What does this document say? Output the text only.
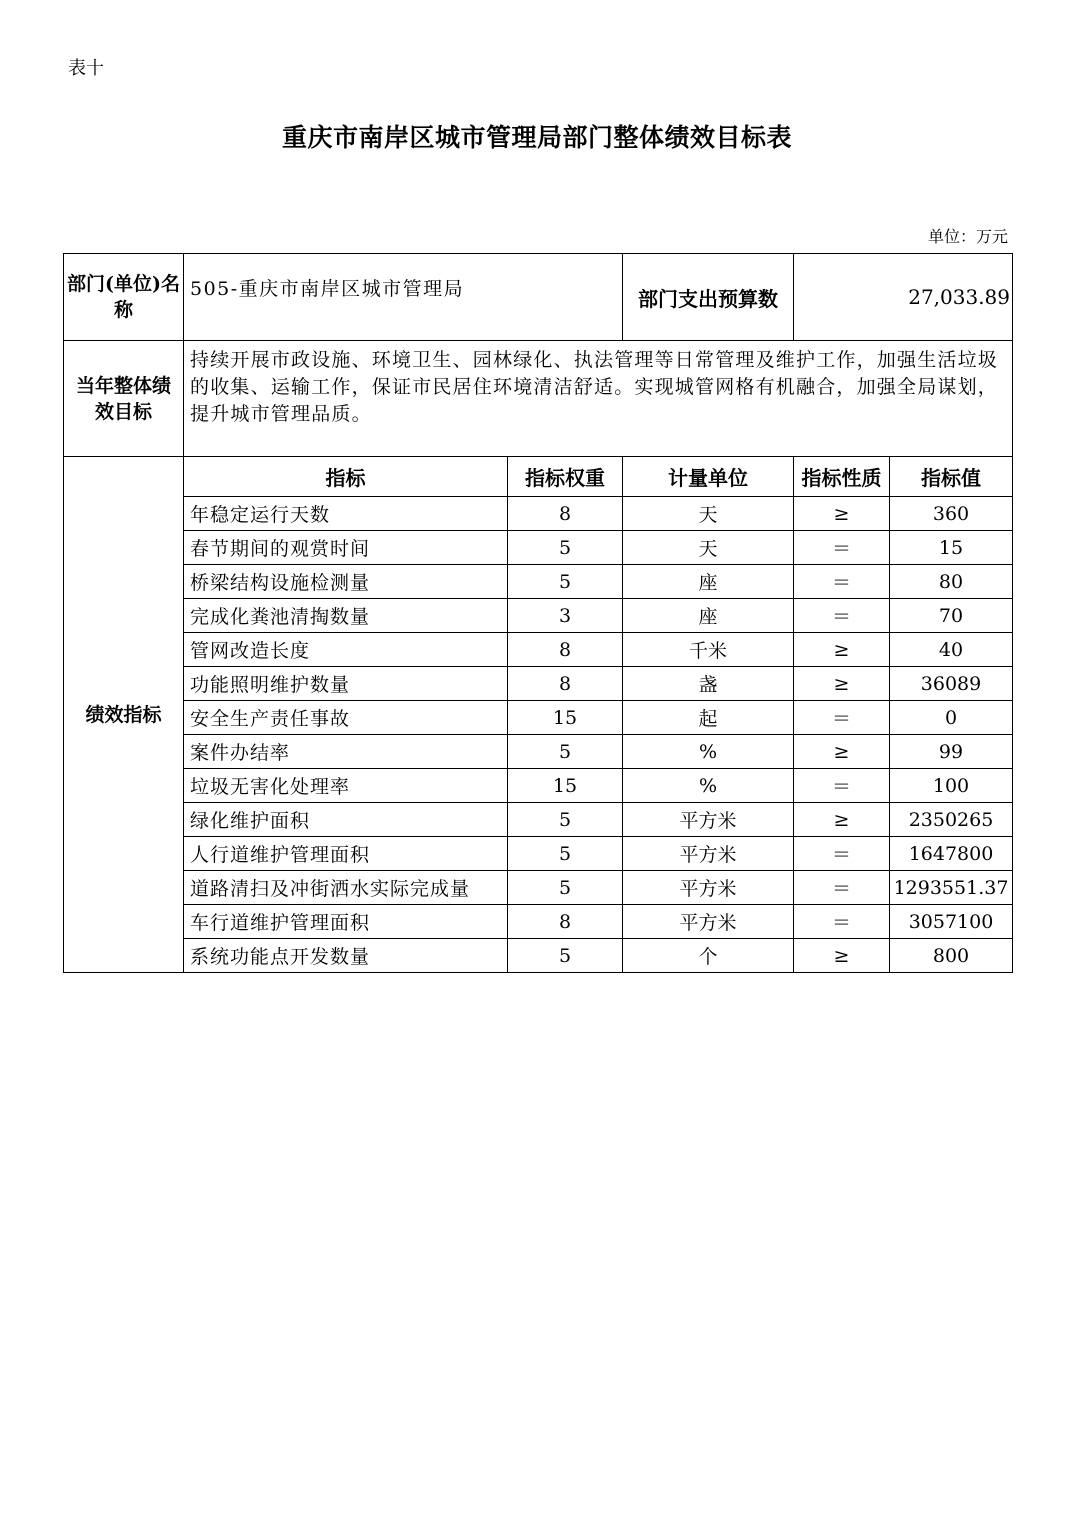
表十
重庆市南岸区城市管理局部门整体绩效目标表
单位：万元
部门(单位)名称	505-重庆市南岸区城市管理局		部门支出预算数	27,033.89	
当年整体绩效目标	持续开展市政设施、环境卫生、园林绿化、执法管理等日常管理及维护工作，加强生活垃圾的收集、运输工作，保证市民居住环境清洁舒适。实现城管网格有机融合，加强全局谋划，提升城市管理品质。				
绩效指标	指标	指标权重	计量单位	指标性质	指标值
	年稳定运行天数	8	天	≥	360
	春节期间的观赏时间	5	天	＝	15
	桥梁结构设施检测量	5	座	＝	80
	完成化粪池清掏数量	3	座	＝	70
	管网改造长度	8	千米	≥	40
	功能照明维护数量	8	盏	≥	36089
	安全生产责任事故	15	起	＝	0
	案件办结率	5	%	≥	99
	垃圾无害化处理率	15	%	＝	100
	绿化维护面积	5	平方米	≥	2350265
	人行道维护管理面积	5	平方米	＝	1647800
	道路清扫及冲街洒水实际完成量	5	平方米	＝	1293551.37
	车行道维护管理面积	8	平方米	＝	3057100
	系统功能点开发数量	5	个	≥	800
